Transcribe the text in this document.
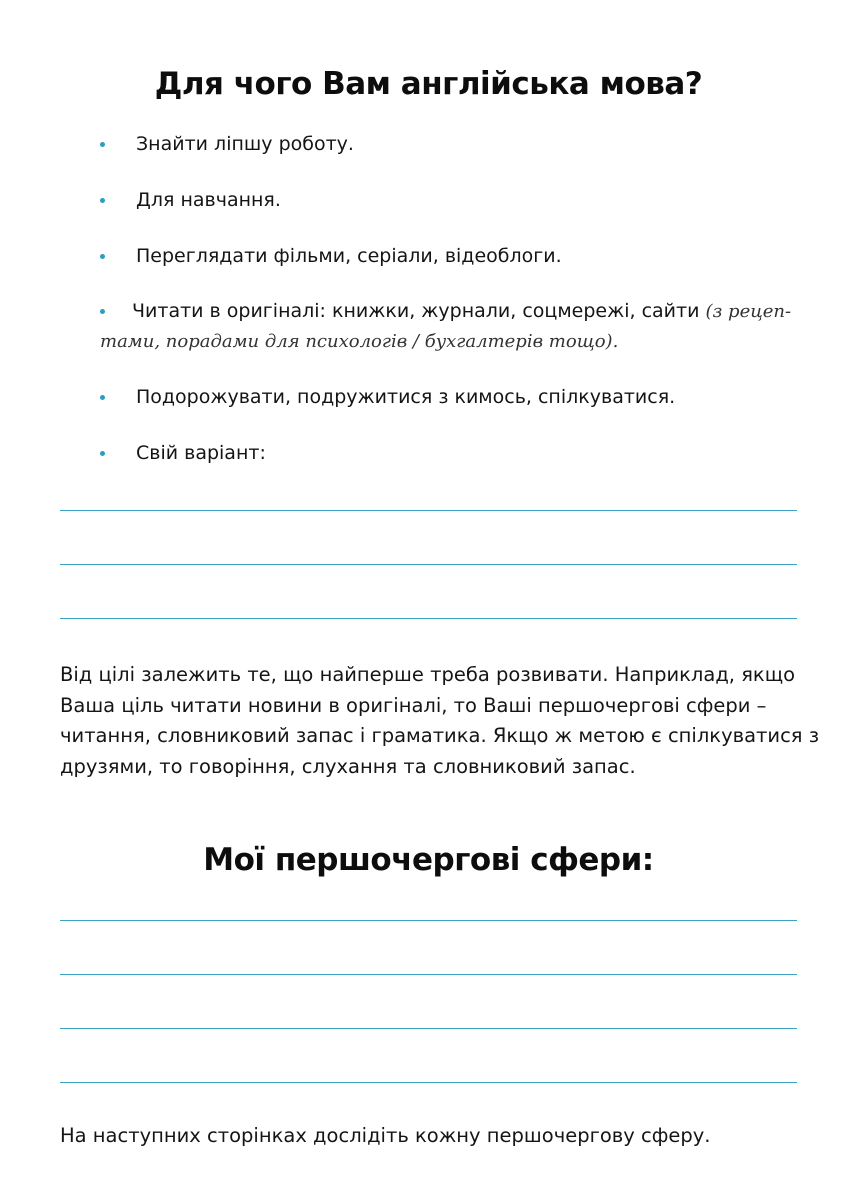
Для чого Вам англійська мова?
Знайти ліпшу роботу.
Для навчання.
Переглядати фільми, серіали, відеоблоги.
Читати в оригіналі: книжки, журнали, соцмережі, сайти (з рецеп-
тами, порадами для психологів / бухгалтерів тощо).
Подорожувати, подружитися з кимось, спілкуватися.
Свій варіант:

Від цілі залежить те, що найперше треба розвивати. Наприклад, якщо Ваша ціль читати новини в оригіналі, то Ваші першочергові сфери – читання, словниковий запас і граматика. Якщо ж метою є спілкуватися з друзями, то говоріння, слухання та словниковий запас.

Мої першочергові сфери:

На наступних сторінках дослідіть кожну першочергову сферу.
